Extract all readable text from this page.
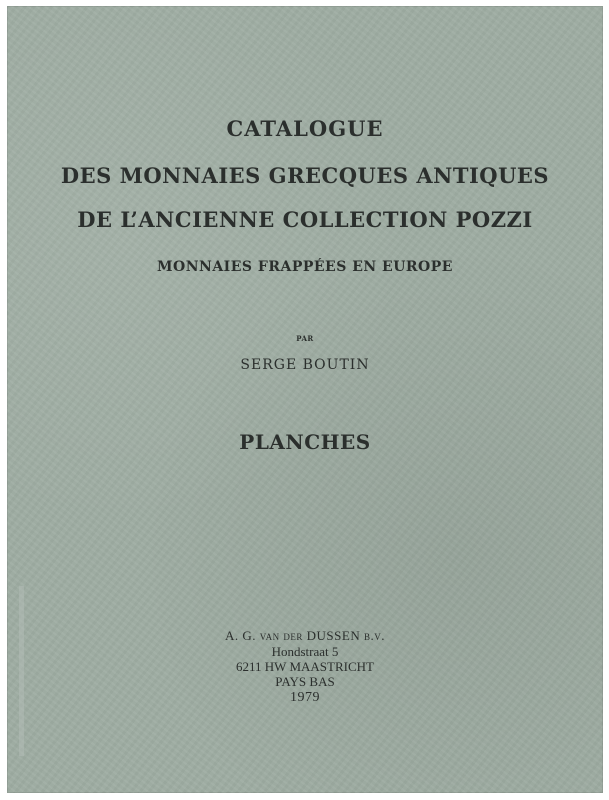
CATALOGUE
DES MONNAIES GRECQUES ANTIQUES
DE L’ANCIENNE COLLECTION POZZI
MONNAIES FRAPPÉES EN EUROPE
PAR
SERGE BOUTIN
PLANCHES
A. G. van der DUSSEN b.v.
Hondstraat 5
6211 HW MAASTRICHT
PAYS BAS
1979
